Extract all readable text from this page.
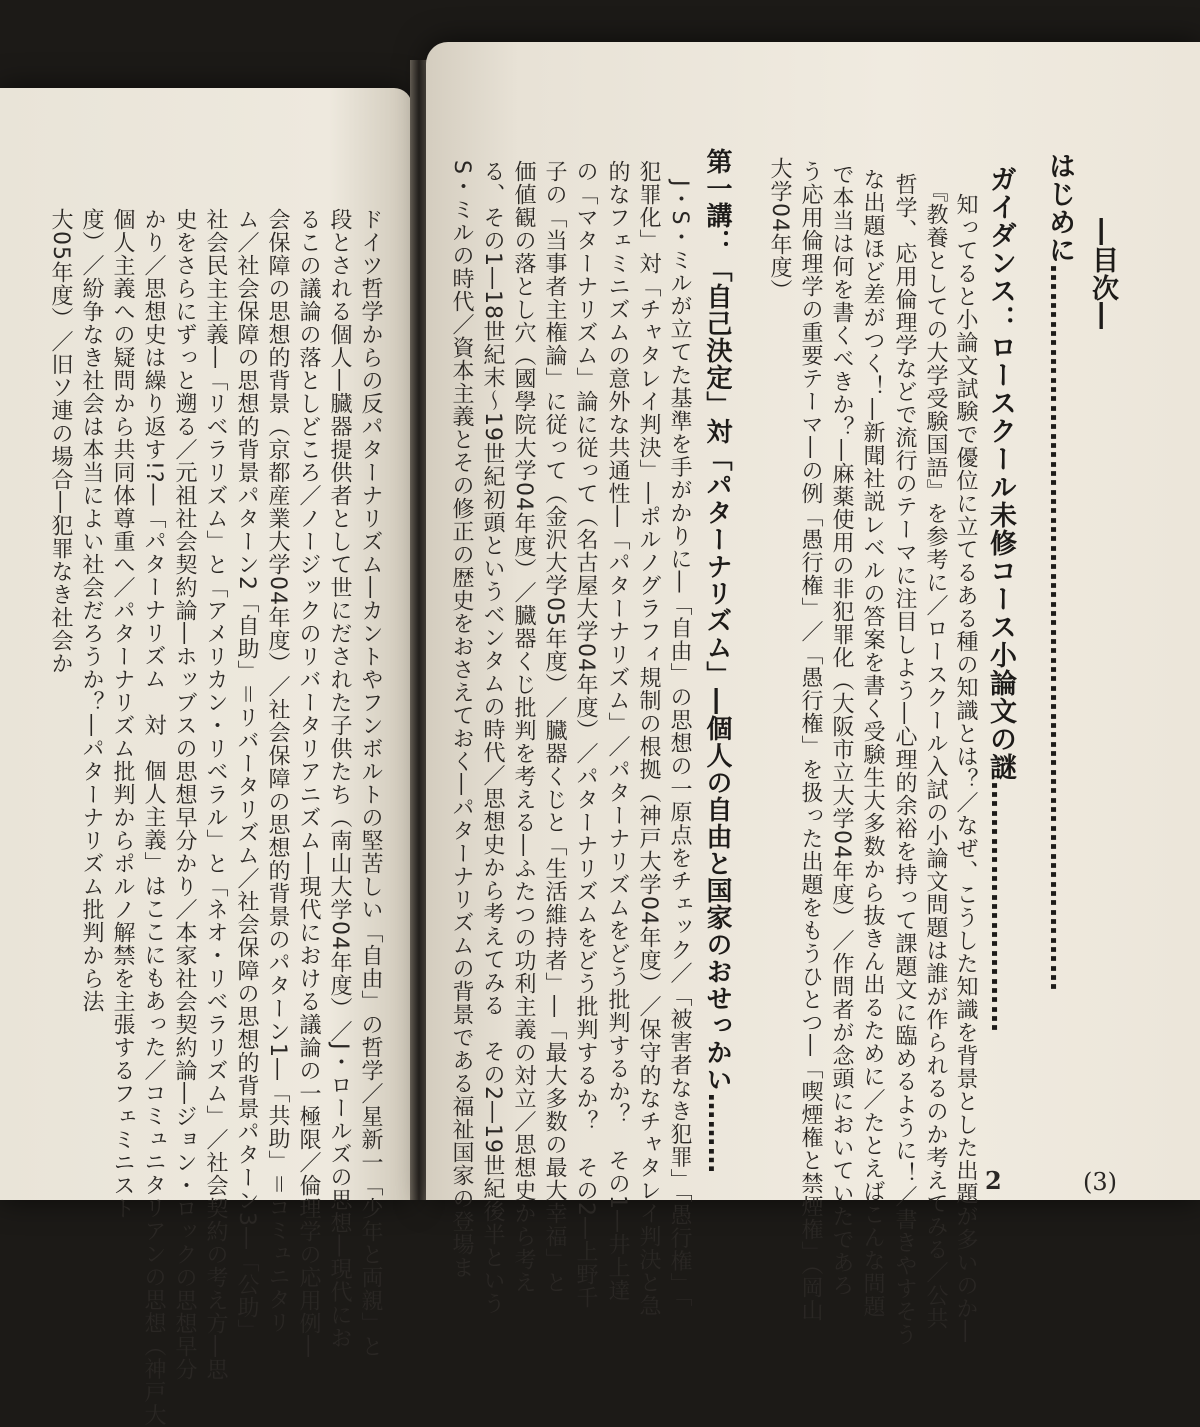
―目次―
はじめに……………………………………………………………………
(3)
ガイダンス：ロースクール未修コース小論文の謎………………………
2
知ってると小論文試験で優位に立てるある種の知識とは？／なぜ、こうした知識を背景とした出題が多いのか―
『教養としての大学受験国語』を参考に／ロースクール入試の小論文問題は誰が作られるのか考えてみる／公共
哲学、応用倫理学などで流行のテーマに注目しよう―心理的余裕を持って課題文に臨めるように！／書きやすそう
な出題ほど差がつく！―新聞社説レベルの答案を書く受験生大多数から抜きん出るために／たとえばこんな問題
で本当は何を書くべきか？―麻薬使用の非犯罪化（大阪市立大学04年度）／作問者が念頭においていたであろ
う応用倫理学の重要テーマ―の例「愚行権」／「愚行権」を扱った出題をもうひとつ―「喫煙権と禁煙権」（岡山
大学04年度）
第一講：「自己決定」対「パターナリズム」―個人の自由と国家のおせっかい………
J・S・ミルが立てた基準を手がかりに―「自由」の思想の一原点をチェック／「被害者なき犯罪」「愚行権」「
犯罪化」対「チャタレイ判決」―ポルノグラフィ規制の根拠（神戸大学04年度）／保守的なチャタレイ判決と急
的なフェミニズムの意外な共通性―「パターナリズム」／パターナリズムをどう批判するか？　その1―井上達
の「マターナリズム」論に従って（名古屋大学04年度）／パターナリズムをどう批判するか？　その2―上野千
子の「当事者主権論」に従って（金沢大学05年度）／臓器くじと「生活維持者」―「最大多数の最大幸福」と
価値観の落とし穴（國學院大学04年度）／臓器くじ批判を考える―ふたつの功利主義の対立／思想史から考え
る、その1―18世紀末～19世紀初頭というベンタムの時代／思想史から考えてみる　その2―19世紀後半という
S・ミルの時代／資本主義とその修正の歴史をおさえておく―パターナリズムの背景である福祉国家の登場ま
ドイツ哲学からの反パターナリズム―カントやフンボルトの堅苦しい「自由」の哲学／星新一「少年と両親」と
段とされる個人―臓器提供者として世にだされた子供たち（南山大学04年度）／J・ロールズの思想―現代にお
るこの議論の落としどころ／ノージックのリバータリアニズム―現代における議論の一極限／倫理学の応用例―
会保障の思想的背景（京都産業大学04年度）／社会保障の思想的背景のパターン1―「共助」＝コミュニタリ
ム／社会保障の思想的背景パターン2「自助」＝リバータリズム／社会保障の思想的背景パターン3―「公助」
社会民主主義―「リベラリズム」と「アメリカン・リベラル」と「ネオ・リベラリズム」／社会契約の考え方―思
史をさらにずっと遡る／元祖社会契約論―ホッブスの思想早分かり／本家社会契約論―ジョン・ロックの思想早分
かり／思想史は繰り返す!?―「パターナリズム　対　個人主義」はここにもあった／コミュニタリアンの思想（神戸大
個人主義への疑問から共同体尊重へ／パターナリズム批判からポルノ解禁を主張するフェミニスト
度）／紛争なき社会は本当によい社会だろうか？―パターナリズム批判から法
大05年度）／旧ソ連の場合―犯罪なき社会か
